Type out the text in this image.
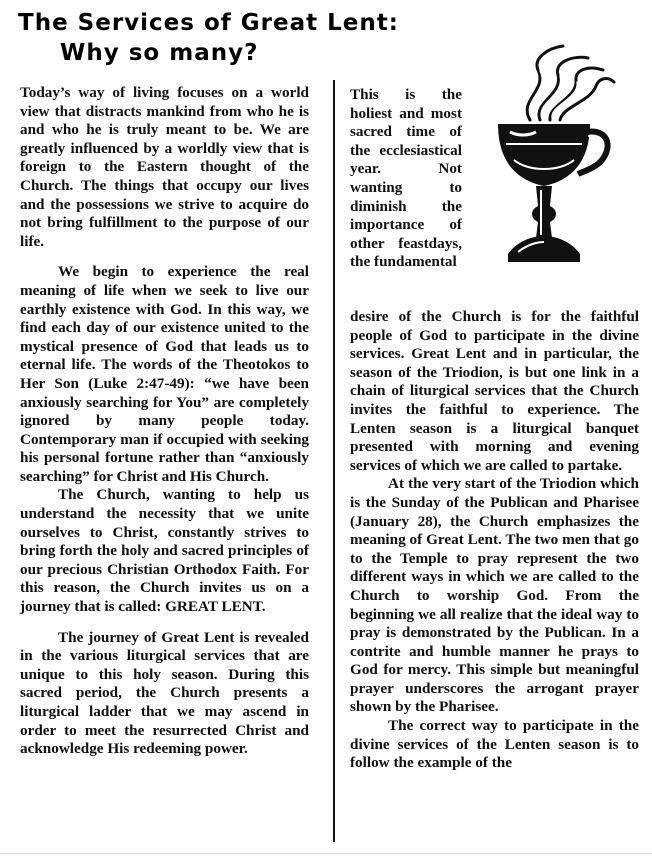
The Services of Great Lent:
Why so many?

Today’s way of living focuses on a world view that distracts mankind from who he is and who he is truly meant to be. We are greatly influenced by a worldly view that is foreign to the Eastern thought of the Church. The things that occupy our lives and the possessions we strive to acquire do not bring fulfillment to the purpose of our life.

We begin to experience the real meaning of life when we seek to live our earthly existence with God. In this way, we find each day of our existence united to the mystical presence of God that leads us to eternal life. The words of the Theotokos to Her Son (Luke 2:47-49): “we have been anxiously searching for You” are completely ignored by many people today. Contemporary man if occupied with seeking his personal fortune rather than “anxiously searching” for Christ and His Church.

The Church, wanting to help us understand the necessity that we unite ourselves to Christ, constantly strives to bring forth the holy and sacred principles of our precious Christian Orthodox Faith. For this reason, the Church invites us on a journey that is called: GREAT LENT.

The journey of Great Lent is revealed in the various liturgical services that are unique to this holy season. During this sacred period, the Church presents a liturgical ladder that we may ascend in order to meet the resurrected Christ and acknowledge His redeeming power.

This is the holiest and most sacred time of the ecclesiastical year. Not wanting to diminish the importance of other feastdays, the fundamental

desire of the Church is for the faithful people of God to participate in the divine services. Great Lent and in particular, the season of the Triodion, is but one link in a chain of liturgical services that the Church invites the faithful to experience. The Lenten season is a liturgical banquet presented with morning and evening services of which we are called to partake.

At the very start of the Triodion which is the Sunday of the Publican and Pharisee (January 28), the Church emphasizes the meaning of Great Lent. The two men that go to the Temple to pray represent the two different ways in which we are called to the Church to worship God. From the beginning we all realize that the ideal way to pray is demonstrated by the Publican. In a contrite and humble manner he prays to God for mercy. This simple but meaningful prayer underscores the arrogant prayer shown by the Pharisee.

The correct way to participate in the divine services of the Lenten season is to follow the example of the
